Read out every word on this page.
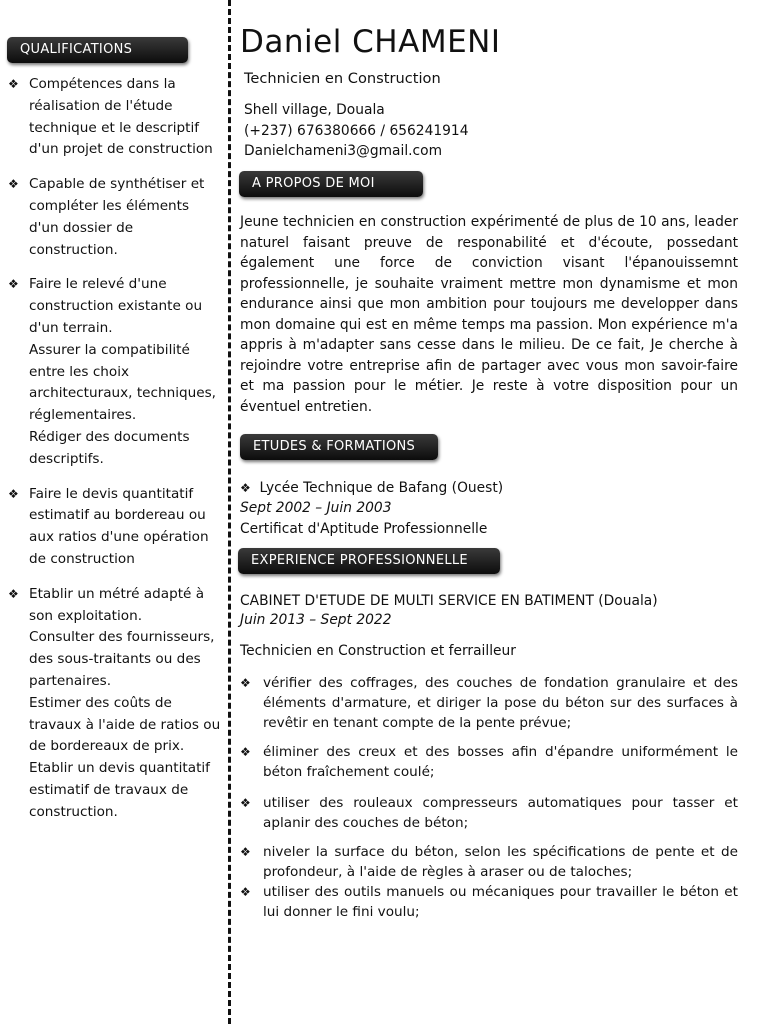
QUALIFICATIONS
❖ Compétences dans la réalisation de l'étude technique et le descriptif d'un projet de construction
❖ Capable de synthétiser et compléter les éléments d'un dossier de construction.
❖ Faire le relevé d'une construction existante ou d'un terrain.
Assurer la compatibilité entre les choix architecturaux, techniques, réglementaires.
Rédiger des documents descriptifs.
❖ Faire le devis quantitatif estimatif au bordereau ou aux ratios d'une opération de construction
❖ Etablir un métré adapté à son exploitation.
Consulter des fournisseurs, des sous-traitants ou des partenaires.
Estimer des coûts de travaux à l'aide de ratios ou de bordereaux de prix.
Etablir un devis quantitatif estimatif de travaux de construction.
Daniel CHAMENI
Technicien en Construction
Shell village, Douala
(+237) 676380666 / 656241914
Danielchameni3@gmail.com
A PROPOS DE MOI

Jeune technicien en construction expérimenté de plus de 10 ans, leader naturel faisant preuve de responabilité et d'écoute, possedant également une force de conviction visant l'épanouissemnt professionnelle, je souhaite vraiment mettre mon dynamisme et mon endurance ainsi que mon ambition pour toujours me developper dans mon domaine qui est en même temps ma passion. Mon expérience m'a appris à m'adapter sans cesse dans le milieu. De ce fait, Je cherche à rejoindre votre entreprise afin de partager avec vous mon savoir-faire et ma passion pour le métier. Je reste à votre disposition pour un éventuel entretien.

ETUDES & FORMATIONS
❖ Lycée Technique de Bafang (Ouest)
Sept 2002 – Juin 2003
Certificat d'Aptitude Professionnelle
EXPERIENCE PROFESSIONNELLE
CABINET D'ETUDE DE MULTI SERVICE EN BATIMENT (Douala)
Juin 2013 – Sept 2022
Technicien en Construction et ferrailleur
❖ vérifier des coffrages, des couches de fondation granulaire et des éléments d'armature, et diriger la pose du béton sur des surfaces à revêtir en tenant compte de la pente prévue;
❖ éliminer des creux et des bosses afin d'épandre uniformément le béton fraîchement coulé;
❖ utiliser des rouleaux compresseurs automatiques pour tasser et aplanir des couches de béton;
❖ niveler la surface du béton, selon les spécifications de pente et de profondeur, à l'aide de règles à araser ou de taloches;
❖ utiliser des outils manuels ou mécaniques pour travailler le béton et lui donner le fini voulu;
